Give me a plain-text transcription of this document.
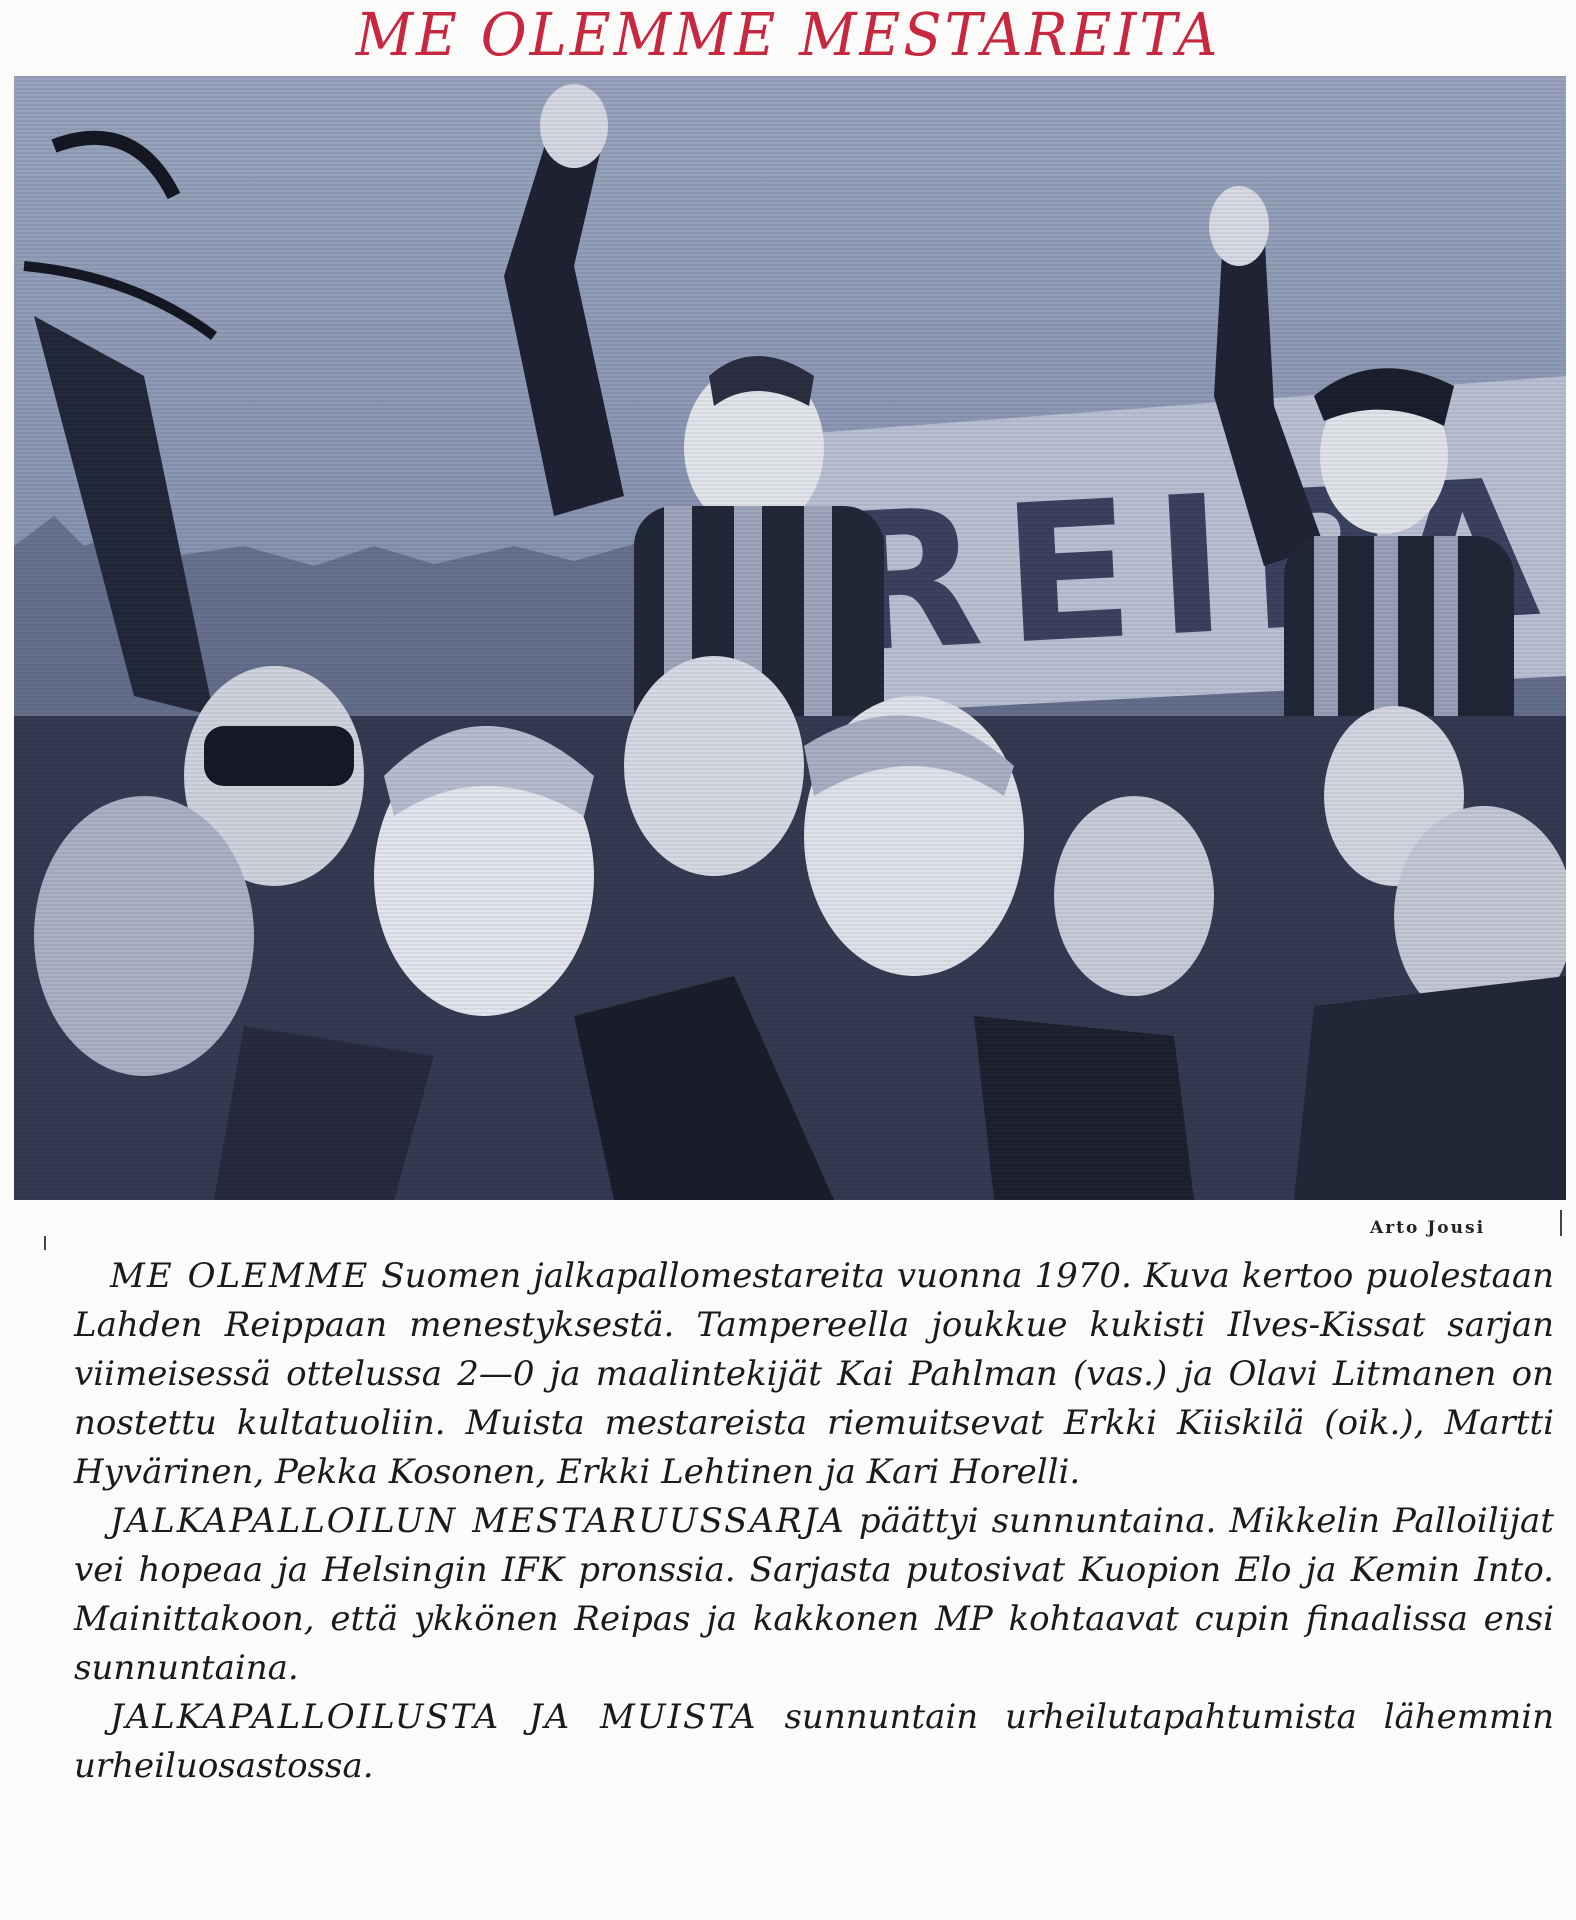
ME OLEMME MESTAREITA
Arto Jousi

ME OLEMME Suomen jalkapallomestareita vuonna 1970. Kuva kertoo puolestaan Lahden Reippaan menestyksestä. Tampereella joukkue kukisti Ilves-Kissat sarjan viimeisessä ottelussa 2—0 ja maalintekijät Kai Pahlman (vas.) ja Olavi Litmanen on nostettu kultatuoliin. Muista mestareista riemuitsevat Erkki Kiiskilä (oik.), Martti Hyvärinen, Pekka Kosonen, Erkki Lehtinen ja Kari Horelli.

JALKAPALLOILUN MESTARUUSSARJA päättyi sunnuntaina. Mikkelin Palloilijat vei hopeaa ja Helsingin IFK pronssia. Sarjasta putosivat Kuopion Elo ja Kemin Into. Mainittakoon, että ykkönen Reipas ja kakkonen MP kohtaavat cupin finaalissa ensi sunnuntaina.

JALKAPALLOILUSTA JA MUISTA sunnuntain urheilutapahtumista lähemmin urheiluosastossa.
